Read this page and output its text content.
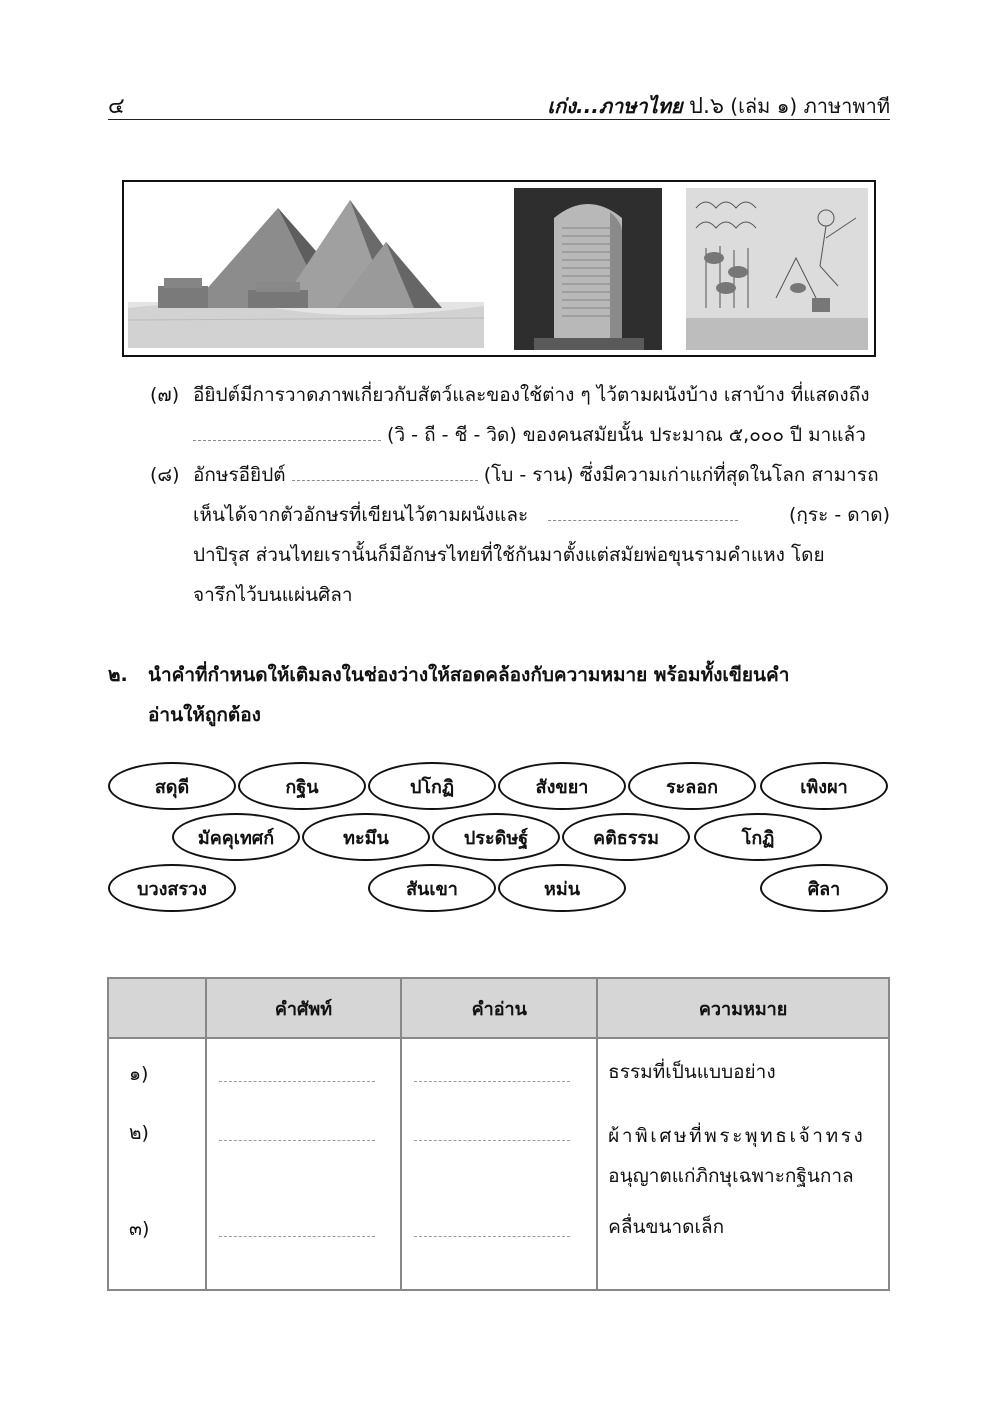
๔	เก่ง...ภาษาไทย ป.๖ (เล่ม ๑) ภาษาพาที
(๗) อียิปต์มีการวาดภาพเกี่ยวกับสัตว์และของใช้ต่าง ๆ ไว้ตามผนังบ้าง เสาบ้าง ที่แสดงถึง
(วิ - ถี - ชี - วิด) ของคนสมัยนั้น ประมาณ ๕,๐๐๐ ปี มาแล้ว
(๘) อักษรอียิปต์	(โบ - ราน) ซึ่งมีความเก่าแก่ที่สุดในโลก สามารถ
เห็นได้จากตัวอักษรที่เขียนไว้ตามผนังและ	(กฺระ - ดาด)
ปาปิรุส ส่วนไทยเรานั้นก็มีอักษรไทยที่ใช้กันมาตั้งแต่สมัยพ่อขุนรามคำแหง โดย
จารึกไว้บนแผ่นศิลา
๒. นำคำที่กำหนดให้เติมลงในช่องว่างให้สอดคล้องกับความหมาย พร้อมทั้งเขียนคำ
อ่านให้ถูกต้อง
สดุดี	กฐิน	ปโกฏิ	สังขยา	ระลอก	เพิงผา
มัคคุเทศก์	ทะมึน	ประดิษฐ์	คติธรรม	โกฏิ
บวงสรวง	สันเขา	หม่น	ศิลา
	คำศัพท์	คำอ่าน	ความหมาย
๑)			ธรรมที่เป็นแบบอย่าง
๒)			ผ้าพิเศษที่พระพุทธเจ้าทรง
อนุญาตแก่ภิกษุเฉพาะกฐินกาล

๓)			คลื่นขนาดเล็ก
